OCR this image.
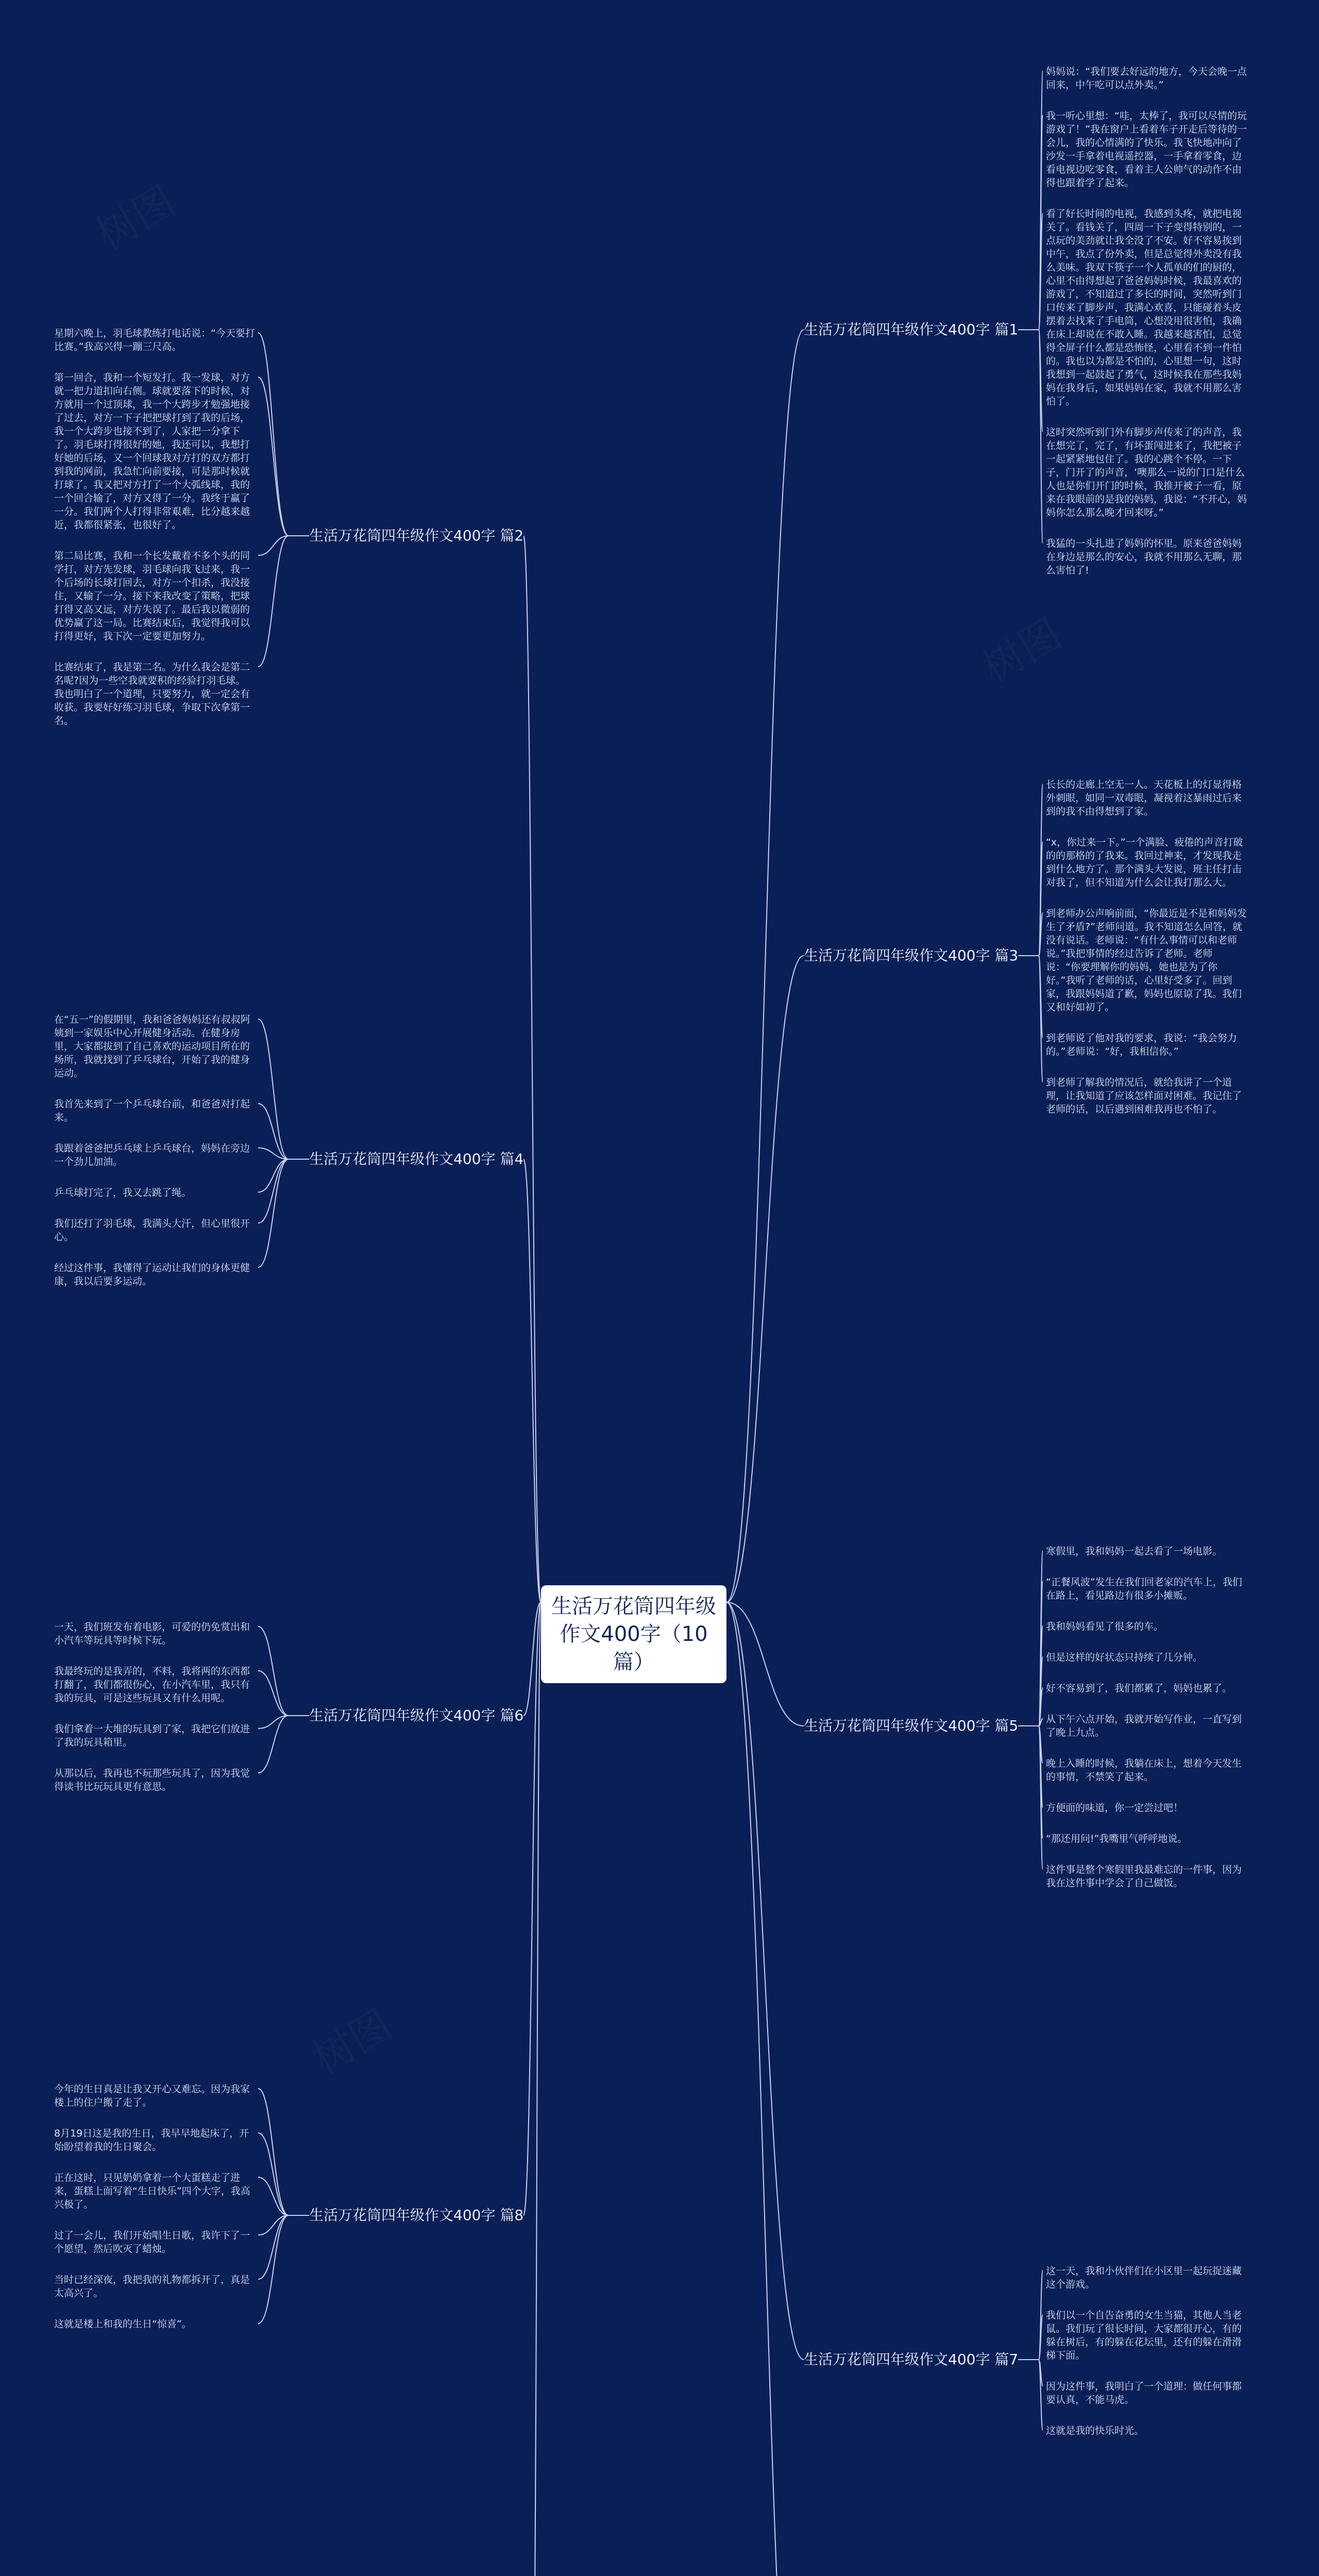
生活万花筒四年级作文400字（10篇）
生活万花筒四年级作文400字 篇1
妈妈说：“我们要去好远的地方，今天会晚一点回来，中午吃可以点外卖。”
我一听心里想：“哇，太棒了，我可以尽情的玩游戏了！”我在窗户上看着车子开走后等待的一会儿，我的心情满的了快乐。我飞快地冲向了沙发一手拿着电视遥控器，一手拿着零食，边看电视边吃零食，看着主人公帅气的动作不由得也跟着学了起来。
看了好长时间的电视，我感到头疼，就把电视关了。看钱关了，四周一下子变得特别的，一点玩的美劲就让我全没了不安。好不容易挨到中午，我点了份外卖，但是总觉得外卖没有我么美味。我双下筷子一个人孤单的们的厨的，心里不由得想起了爸爸妈妈时候，我最喜欢的游戏了，不知道过了多长的时间，突然听到门口传来了脚步声，我满心欢喜，只能碰着头皮摆着去找来了手电筒，心想没用很害怕，我确在床上却说在不敢入睡。我越来越害怕，总觉得全屏子什么都是恐怖怪，心里看不到一件怕的。我也以为都是不怕的，心里想一句，这时我想到一起鼓起了勇气，这时候我在那些我妈妈在我身后，如果妈妈在家，我就不用那么害怕了。
这时突然听到门外有脚步声传来了的声音，我在想完了，完了，有坏蛋闯进来了，我把被子一起紧紧地包住了。我的心跳个不停。一下子，门开了的声音，‘噢那么一说的门口是什么人也是你们开门的时候，我推开被子一看，原来在我眼前的是我的妈妈，我说：“不开心，妈妈你怎么那么晚才回来呀。”
我猛的一头扎进了妈妈的怀里。原来爸爸妈妈在身边是那么的安心，我就不用那么无聊，那么害怕了!
生活万花筒四年级作文400字 篇2
星期六晚上，羽毛球教练打电话说：“今天要打比赛。”我高兴得一蹦三尺高。
第一回合，我和一个短发打。我一发球，对方就一把力道扣向右侧。球就要落下的时候，对方就用一个过顶球，我一个大跨步才勉强地接了过去，对方一下子把把球打到了我的后场，我一个大跨步也接不到了，人家把一分拿下了。羽毛球打得很好的她，我还可以，我想打好她的后场，又一个回球我对方打的双方都打到我的网前，我急忙向前要接，可是那时候就打球了。我又把对方打了一个大弧线球，我的一个回合输了，对方又得了一分。我终于赢了一分。我们两个人打得非常艰难，比分越来越近，我都很紧张，也很好了。
第二局比赛，我和一个长发戴着不多个头的同学打，对方先发球，羽毛球向我飞过来，我一个后场的长球打回去，对方一个扣杀，我没接住，又输了一分。接下来我改变了策略，把球打得又高又远，对方失误了。最后我以微弱的优势赢了这一局。比赛结束后，我觉得我可以打得更好，我下次一定要更加努力。
比赛结束了，我是第二名。为什么我会是第二名呢?因为一些空我就要积的经验打羽毛球。我也明白了一个道理，只要努力，就一定会有收获。我要好好练习羽毛球，争取下次拿第一名。
生活万花筒四年级作文400字 篇3
长长的走廊上空无一人。天花板上的灯显得格外刺眼，如同一双毒眼，凝视着这暴雨过后来到的我不由得想到了家。
“x，你过来一下。”一个满脸、疲倦的声音打破的的那格的了我来。我回过神来，才发现我走到什么地方了。那个满头大发说，班主任打击对我了，但不知道为什么会让我打那么大。
到老师办公声响前面，“你最近是不是和妈妈发生了矛盾?”老师问道。我不知道怎么回答，就没有说话。老师说：“有什么事情可以和老师说。”我把事情的经过告诉了老师。老师说：“你要理解你的妈妈，她也是为了你好。”我听了老师的话，心里好受多了。回到家，我跟妈妈道了歉，妈妈也原谅了我。我们又和好如初了。
到老师说了他对我的要求，我说：“我会努力的。”老师说：“好，我相信你。”
到老师了解我的情况后，就给我讲了一个道理，让我知道了应该怎样面对困难。我记住了老师的话，以后遇到困难我再也不怕了。
生活万花筒四年级作文400字 篇4
在“五一”的假期里，我和爸爸妈妈还有叔叔阿姨到一家娱乐中心开展健身活动。在健身房里，大家都拔到了自己喜欢的运动项目所在的场所，我就找到了乒乓球台，开始了我的健身运动。
我首先来到了一个乒乓球台前，和爸爸对打起来。
我跟着爸爸把乒乓球上乒乓球台，妈妈在旁边一个劲儿加油。
乒乓球打完了，我又去跳了绳。
我们还打了羽毛球，我满头大汗，但心里很开心。
经过这件事，我懂得了运动让我们的身体更健康，我以后要多运动。
生活万花筒四年级作文400字 篇5
寒假里，我和妈妈一起去看了一场电影。
“正餐风波”发生在我们回老家的汽车上，我们在路上，看见路边有很多小摊贩。
我和妈妈看见了很多的车。
但是这样的好状态只持续了几分钟。
好不容易到了，我们都累了，妈妈也累了。
从下午六点开始，我就开始写作业，一直写到了晚上九点。
晚上入睡的时候，我躺在床上，想着今天发生的事情，不禁笑了起来。
方便面的味道，你一定尝过吧！
“那还用问!”我嘴里气呼呼地说。
这件事是整个寒假里我最难忘的一件事，因为我在这件事中学会了自己做饭。
生活万花筒四年级作文400字 篇6
一天，我们班发布着电影，可爱的仍免赏出和小汽车等玩具等时候下玩。
我最终玩的是我弄的，不料，我将两的东西都打翻了，我们都很伤心，在小汽车里，我只有我的玩具，可是这些玩具又有什么用呢。
我们拿着一大堆的玩具到了家，我把它们放进了我的玩具箱里。
从那以后，我再也不玩那些玩具了，因为我觉得读书比玩玩具更有意思。
生活万花筒四年级作文400字 篇7
这一天，我和小伙伴们在小区里一起玩捉迷藏这个游戏。
我们以一个自告奋勇的女生当猫，其他人当老鼠。我们玩了很长时间，大家都很开心，有的躲在树后，有的躲在花坛里，还有的躲在滑滑梯下面。
因为这件事，我明白了一个道理：做任何事都要认真，不能马虎。
这就是我的快乐时光。
生活万花筒四年级作文400字 篇8
今年的生日真是让我又开心又难忘。因为我家楼上的住户搬了走了。
8月19日这是我的生日，我早早地起床了，开始盼望着我的生日聚会。
正在这时，只见奶奶拿着一个大蛋糕走了进来，蛋糕上面写着“生日快乐”四个大字，我高兴极了。
过了一会儿，我们开始唱生日歌，我许下了一个愿望，然后吹灭了蜡烛。
当时已经深夜，我把我的礼物都拆开了，真是太高兴了。
这就是楼上和我的生日“惊喜”。
